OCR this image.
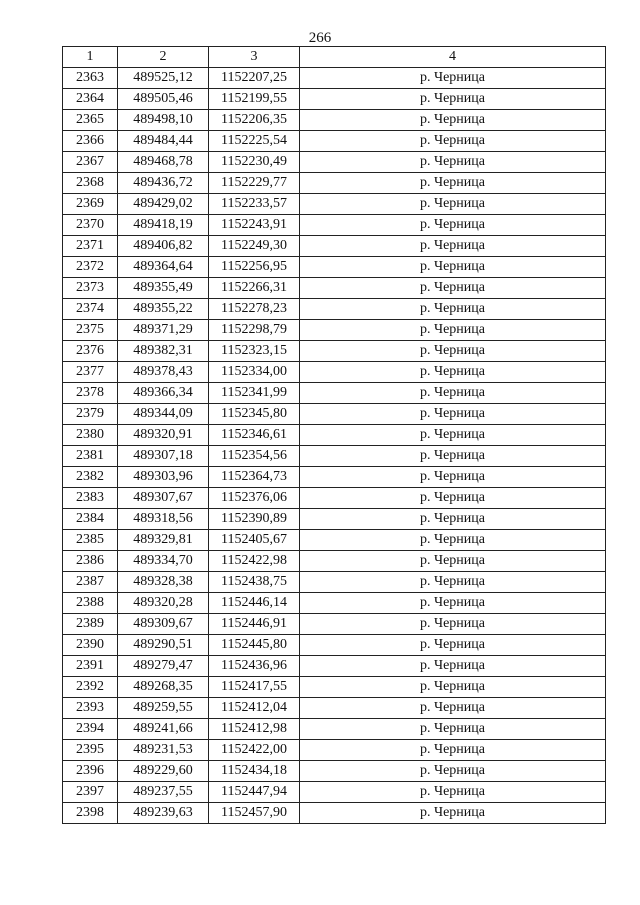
266
1	2	3	4
2363	489525,12	1152207,25	р. Черница
2364	489505,46	1152199,55	р. Черница
2365	489498,10	1152206,35	р. Черница
2366	489484,44	1152225,54	р. Черница
2367	489468,78	1152230,49	р. Черница
2368	489436,72	1152229,77	р. Черница
2369	489429,02	1152233,57	р. Черница
2370	489418,19	1152243,91	р. Черница
2371	489406,82	1152249,30	р. Черница
2372	489364,64	1152256,95	р. Черница
2373	489355,49	1152266,31	р. Черница
2374	489355,22	1152278,23	р. Черница
2375	489371,29	1152298,79	р. Черница
2376	489382,31	1152323,15	р. Черница
2377	489378,43	1152334,00	р. Черница
2378	489366,34	1152341,99	р. Черница
2379	489344,09	1152345,80	р. Черница
2380	489320,91	1152346,61	р. Черница
2381	489307,18	1152354,56	р. Черница
2382	489303,96	1152364,73	р. Черница
2383	489307,67	1152376,06	р. Черница
2384	489318,56	1152390,89	р. Черница
2385	489329,81	1152405,67	р. Черница
2386	489334,70	1152422,98	р. Черница
2387	489328,38	1152438,75	р. Черница
2388	489320,28	1152446,14	р. Черница
2389	489309,67	1152446,91	р. Черница
2390	489290,51	1152445,80	р. Черница
2391	489279,47	1152436,96	р. Черница
2392	489268,35	1152417,55	р. Черница
2393	489259,55	1152412,04	р. Черница
2394	489241,66	1152412,98	р. Черница
2395	489231,53	1152422,00	р. Черница
2396	489229,60	1152434,18	р. Черница
2397	489237,55	1152447,94	р. Черница
2398	489239,63	1152457,90	р. Черница
